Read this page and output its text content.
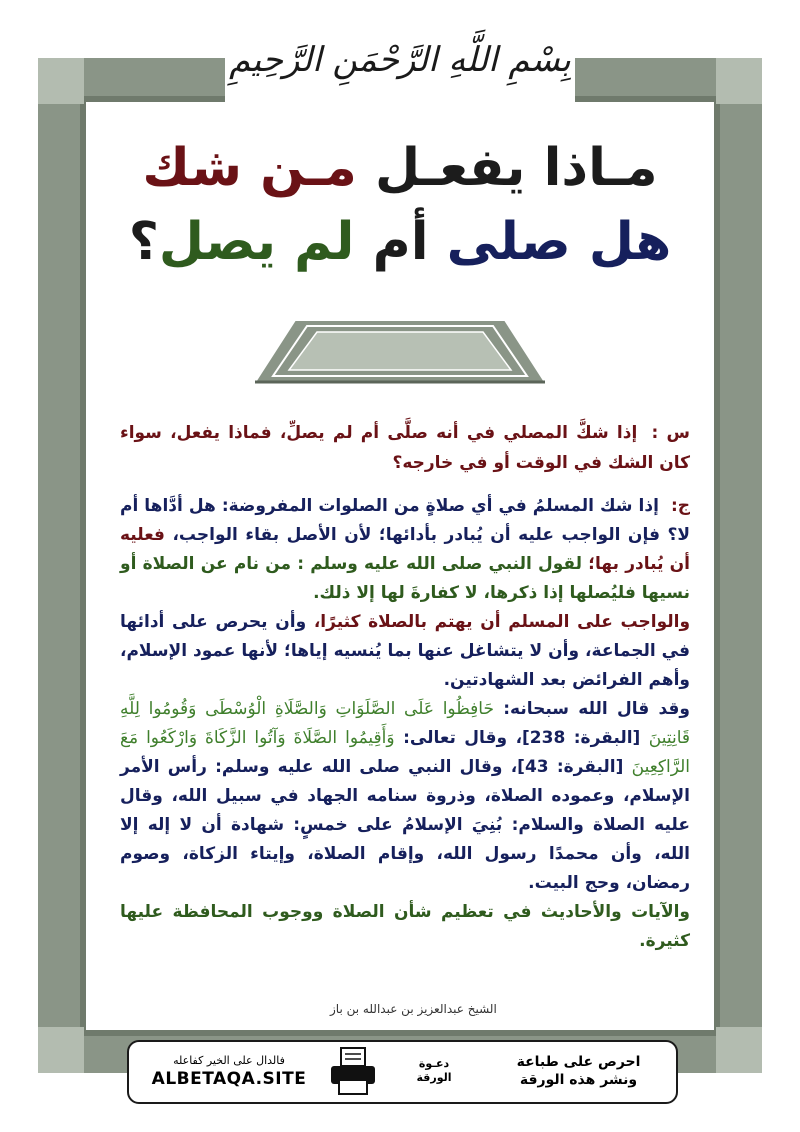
بِسْمِ اللَّهِ الرَّحْمَنِ الرَّحِيمِ
مـاذا يفعـل مـن شك
هل صلى أم لم يصل؟
س : إذا شكَّ المصلي في أنه صلَّى أم لم يصلِّ، فماذا يفعل، سواء كان الشك في الوقت أو في خارجه؟

ج: إذا شك المسلمُ في أي صلاةٍ من الصلوات المفروضة: هل أدَّاها أم لا؟ فإن الواجب عليه أن يُبادر بأدائها؛ لأن الأصل بقاء الواجب، فعليه أن يُبادر بها؛ لقول النبي صلى الله عليه وسلم : من نام عن الصلاة أو نسيها فليُصلها إذا ذكرها، لا كفارةَ لها إلا ذلك.

والواجب على المسلم أن يهتم بالصلاة كثيرًا، وأن يحرص على أدائها في الجماعة، وأن لا يتشاغل عنها بما يُنسيه إياها؛ لأنها عمود الإسلام، وأهم الفرائض بعد الشهادتين.

وقد قال الله سبحانه: حَافِظُوا عَلَى الصَّلَوَاتِ وَالصَّلَاةِ الْوُسْطَى وَقُومُوا لِلَّهِ قَانِتِينَ [البقرة: 238]، وقال تعالى: وَأَقِيمُوا الصَّلَاةَ وَآتُوا الزَّكَاةَ وَارْكَعُوا مَعَ الرَّاكِعِينَ [البقرة: 43]، وقال النبي صلى الله عليه وسلم: رأس الأمر الإسلام، وعموده الصلاة، وذروة سنامه الجهاد في سبيل الله، وقال عليه الصلاة والسلام: بُنِيَ الإسلامُ على خمسٍ: شهادة أن لا إله إلا الله، وأن محمدًا رسول الله، وإقام الصلاة، وإيتاء الزكاة، وصوم رمضان، وحج البيت.

والآيات والأحاديث في تعظيم شأن الصلاة ووجوب المحافظة عليها كثيرة.

الشيخ عبدالعزيز بن عبدالله بن باز
فالدال على الخير كفاعله
ALBETAQA.SITE
دعـوة
الورقة
احرص على طباعة
ونشر هذه الورقة
